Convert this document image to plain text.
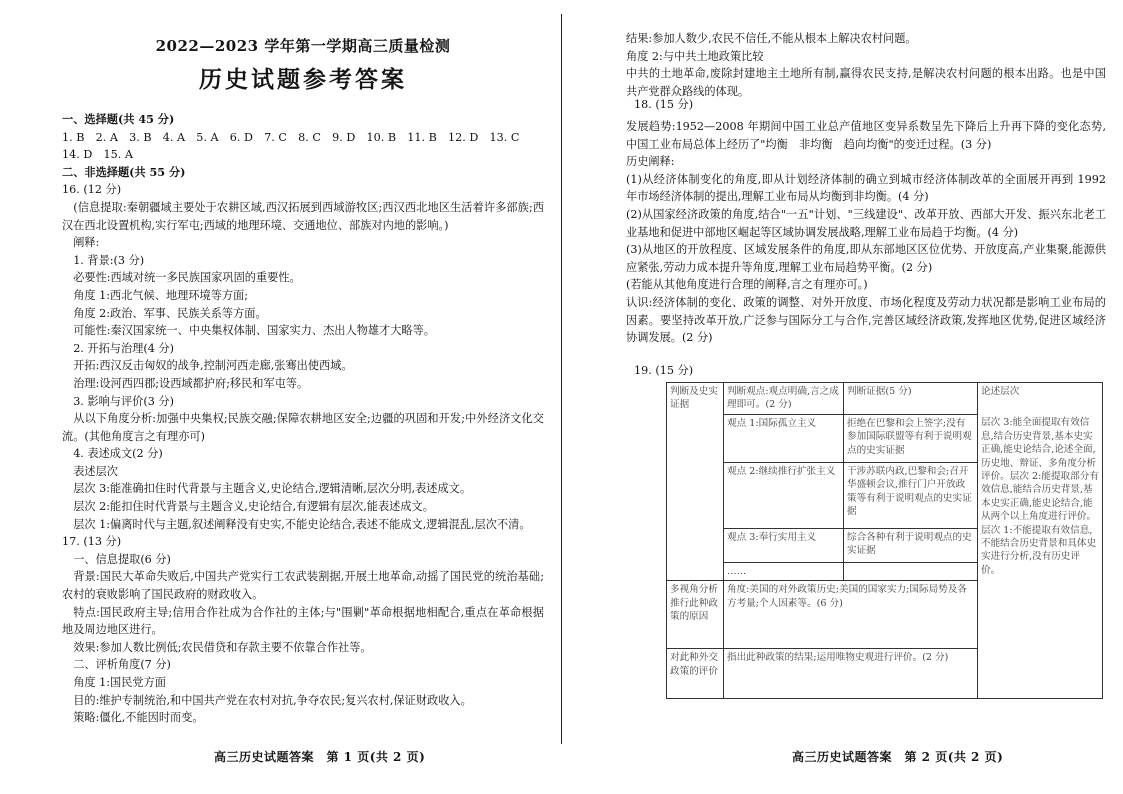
2022—2023 学年第一学期高三质量检测
历史试题参考答案
一、选择题(共 45 分)
1. B　2. A　3. B　4. A　5. A　6. D　7. C　8. C　9. D　10. B　11. B　12. D　13. C
14. D　15. A
二、非选择题(共 55 分)
16. (12 分)
　(信息提取:秦朝疆域主要处于农耕区域,西汉拓展到西域游牧区;西汉西北地区生活着许多部族;西汉在西北设置机构,实行军屯;西域的地理环境、交通地位、部族对内地的影响。)
　阐释:
　1. 背景:(3 分)
　必要性:西域对统一多民族国家巩固的重要性。
　角度 1:西北气候、地理环境等方面;
　角度 2:政治、军事、民族关系等方面。
　可能性:秦汉国家统一、中央集权体制、国家实力、杰出人物雄才大略等。
　2. 开拓与治理(4 分)
　开拓:西汉反击匈奴的战争,控制河西走廊,张骞出使西域。
　治理:设河西四郡;设西域都护府;移民和军屯等。
　3. 影响与评价(3 分)
　从以下角度分析:加强中央集权;民族交融;保障农耕地区安全;边疆的巩固和开发;中外经济文化交流。(其他角度言之有理亦可)
　4. 表述成文(2 分)
　表述层次
　层次 3:能准确扣住时代背景与主题含义,史论结合,逻辑清晰,层次分明,表述成文。
　层次 2:能扣住时代背景与主题含义,史论结合,有逻辑有层次,能表述成文。
　层次 1:偏离时代与主题,叙述阐释没有史实,不能史论结合,表述不能成文,逻辑混乱,层次不清。
17. (13 分)
　一、信息提取(6 分)
　背景:国民大革命失败后,中国共产党实行工农武装割据,开展土地革命,动摇了国民党的统治基础;农村的衰败影响了国民政府的财政收入。
　特点:国民政府主导;信用合作社成为合作社的主体;与"围剿"革命根据地相配合,重点在革命根据地及周边地区进行。
　效果:参加人数比例低;农民借贷和存款主要不依靠合作社等。
　二、评析角度(7 分)
　角度 1:国民党方面
　目的:维护专制统治,和中国共产党在农村对抗,争夺农民;复兴农村,保证财政收入。
　策略:僵化,不能因时而变。
结果:参加人数少,农民不信任,不能从根本上解决农村问题。
角度 2:与中共土地政策比较
中共的土地革命,废除封建地主土地所有制,赢得农民支持,是解决农村问题的根本出路。也是中国共产党群众路线的体现。
发展趋势:1952—2008 年期间中国工业总产值地区变异系数呈先下降后上升再下降的变化态势,中国工业布局总体上经历了"均衡　非均衡　趋向均衡"的变迁过程。(3 分)
历史阐释:
(1)从经济体制变化的角度,即从计划经济体制的确立到城市经济体制改革的全面展开再到 1992 年市场经济体制的提出,理解工业布局从均衡到非均衡。(4 分)
(2)从国家经济政策的角度,结合"一五"计划、"三线建设"、改革开放、西部大开发、振兴东北老工业基地和促进中部地区崛起等区域协调发展战略,理解工业布局趋于均衡。(4 分)
(3)从地区的开放程度、区域发展条件的角度,即从东部地区区位优势、开放度高,产业集聚,能源供应紧张,劳动力成本提升等角度,理解工业布局趋势平衡。(2 分)
(若能从其他角度进行合理的阐释,言之有理亦可。)
认识:经济体制的变化、政策的调整、对外开放度、市场化程度及劳动力状况都是影响工业布局的因素。要坚持改革开放,广泛参与国际分工与合作,完善区域经济政策,发挥地区优势,促进区域经济协调发展。(2 分)
18. (15 分)
19. (15 分)
判断及史实证据	判断观点:观点明确,言之成理即可。(2 分)	判断证据(5 分)	论述层次
	观点 1:国际孤立主义	拒绝在巴黎和会上签字;没有参加国际联盟等有利于说明观点的史实证据	层次 3:能全面提取有效信息,结合历史背景,基本史实正确,能史论结合,论述全面,历史地、辩证、多角度分析评价。层次 2:能提取部分有效信息,能结合历史背景,基本史实正确,能史论结合,能从两个以上角度进行评价。层次 1:不能提取有效信息,不能结合历史背景和具体史实进行分析,没有历史评价。
	观点 2:继续推行扩张主义	干涉苏联内政,巴黎和会;召开华盛顿会议,推行门户开放政策等有利于说明观点的史实证据	
	观点 3:奉行实用主义	综合各种有利于说明观点的史实证据	
	……		
多视角分析推行此种政策的原因	角度:美国的对外政策历史;美国的国家实力;国际局势及各方考量;个人因素等。(6 分)		
对此种外交政策的评价	指出此种政策的结果;运用唯物史观进行评价。(2 分)		
高三历史试题答案　第 1 页(共 2 页)	高三历史试题答案　第 2 页(共 2 页)
